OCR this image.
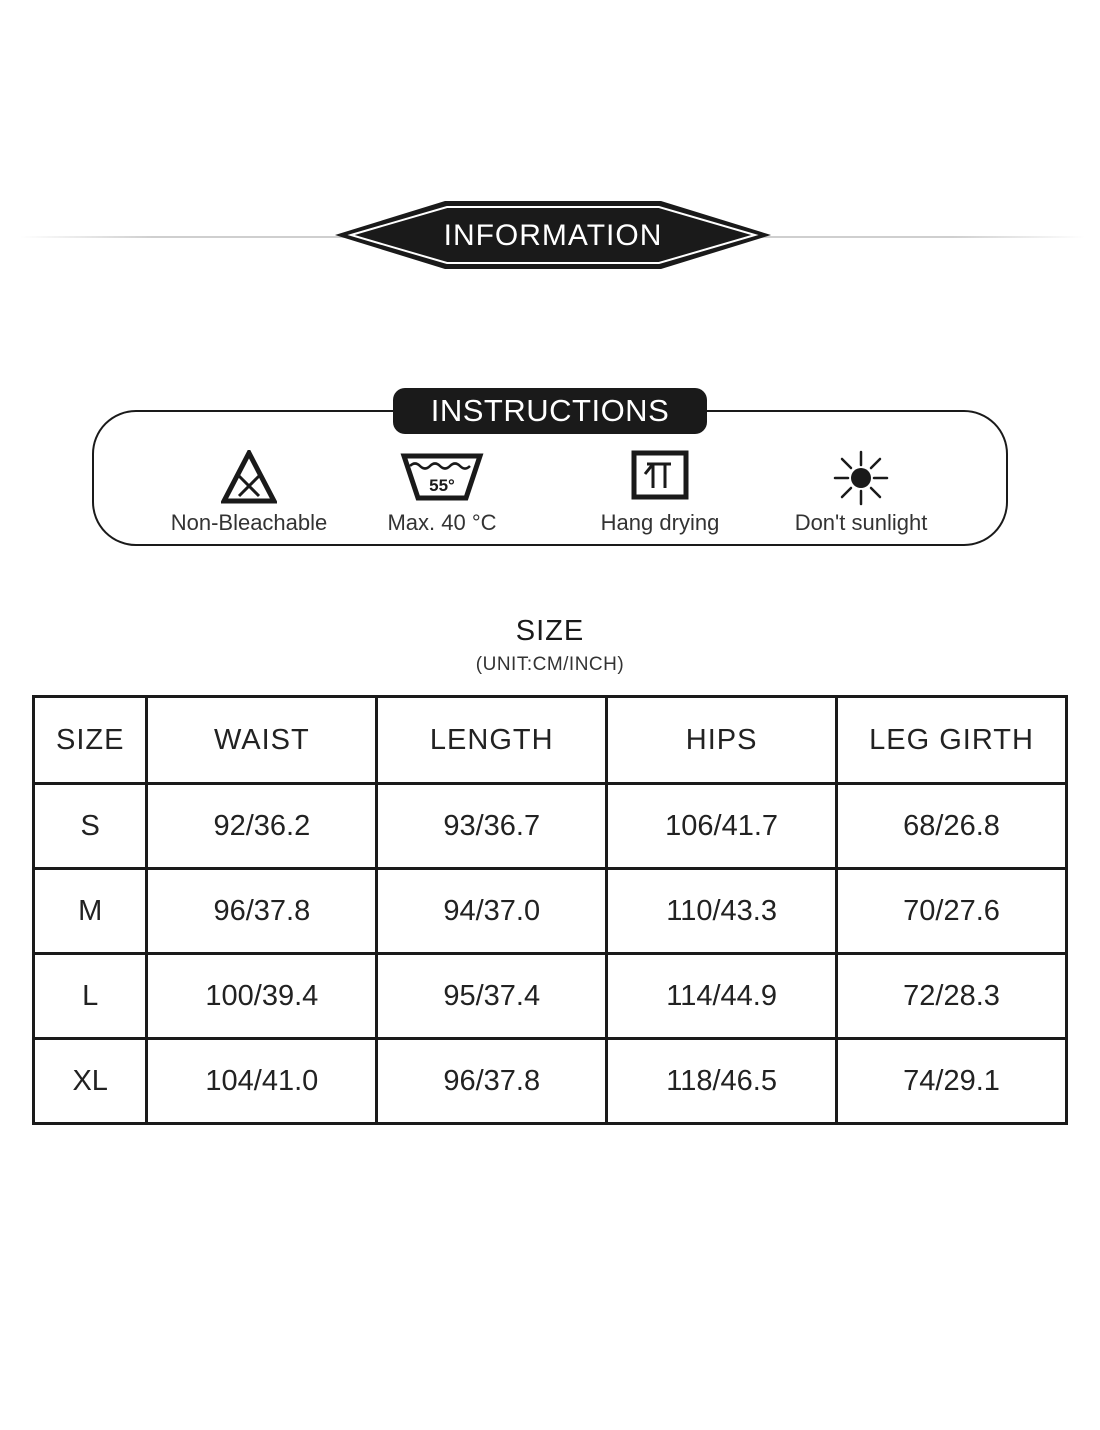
INFORMATION
INSTRUCTIONS
Non-Bleachable
55°
Max. 40 °C	Hang drying	Don't sunlight
SIZE
(UNIT:CM/INCH)
SIZE	WAIST	LENGTH	HIPS	LEG GIRTH
S	92/36.2	93/36.7	106/41.7	68/26.8
M	96/37.8	94/37.0	110/43.3	70/27.6
L	100/39.4	95/37.4	114/44.9	72/28.3
XL	104/41.0	96/37.8	118/46.5	74/29.1
